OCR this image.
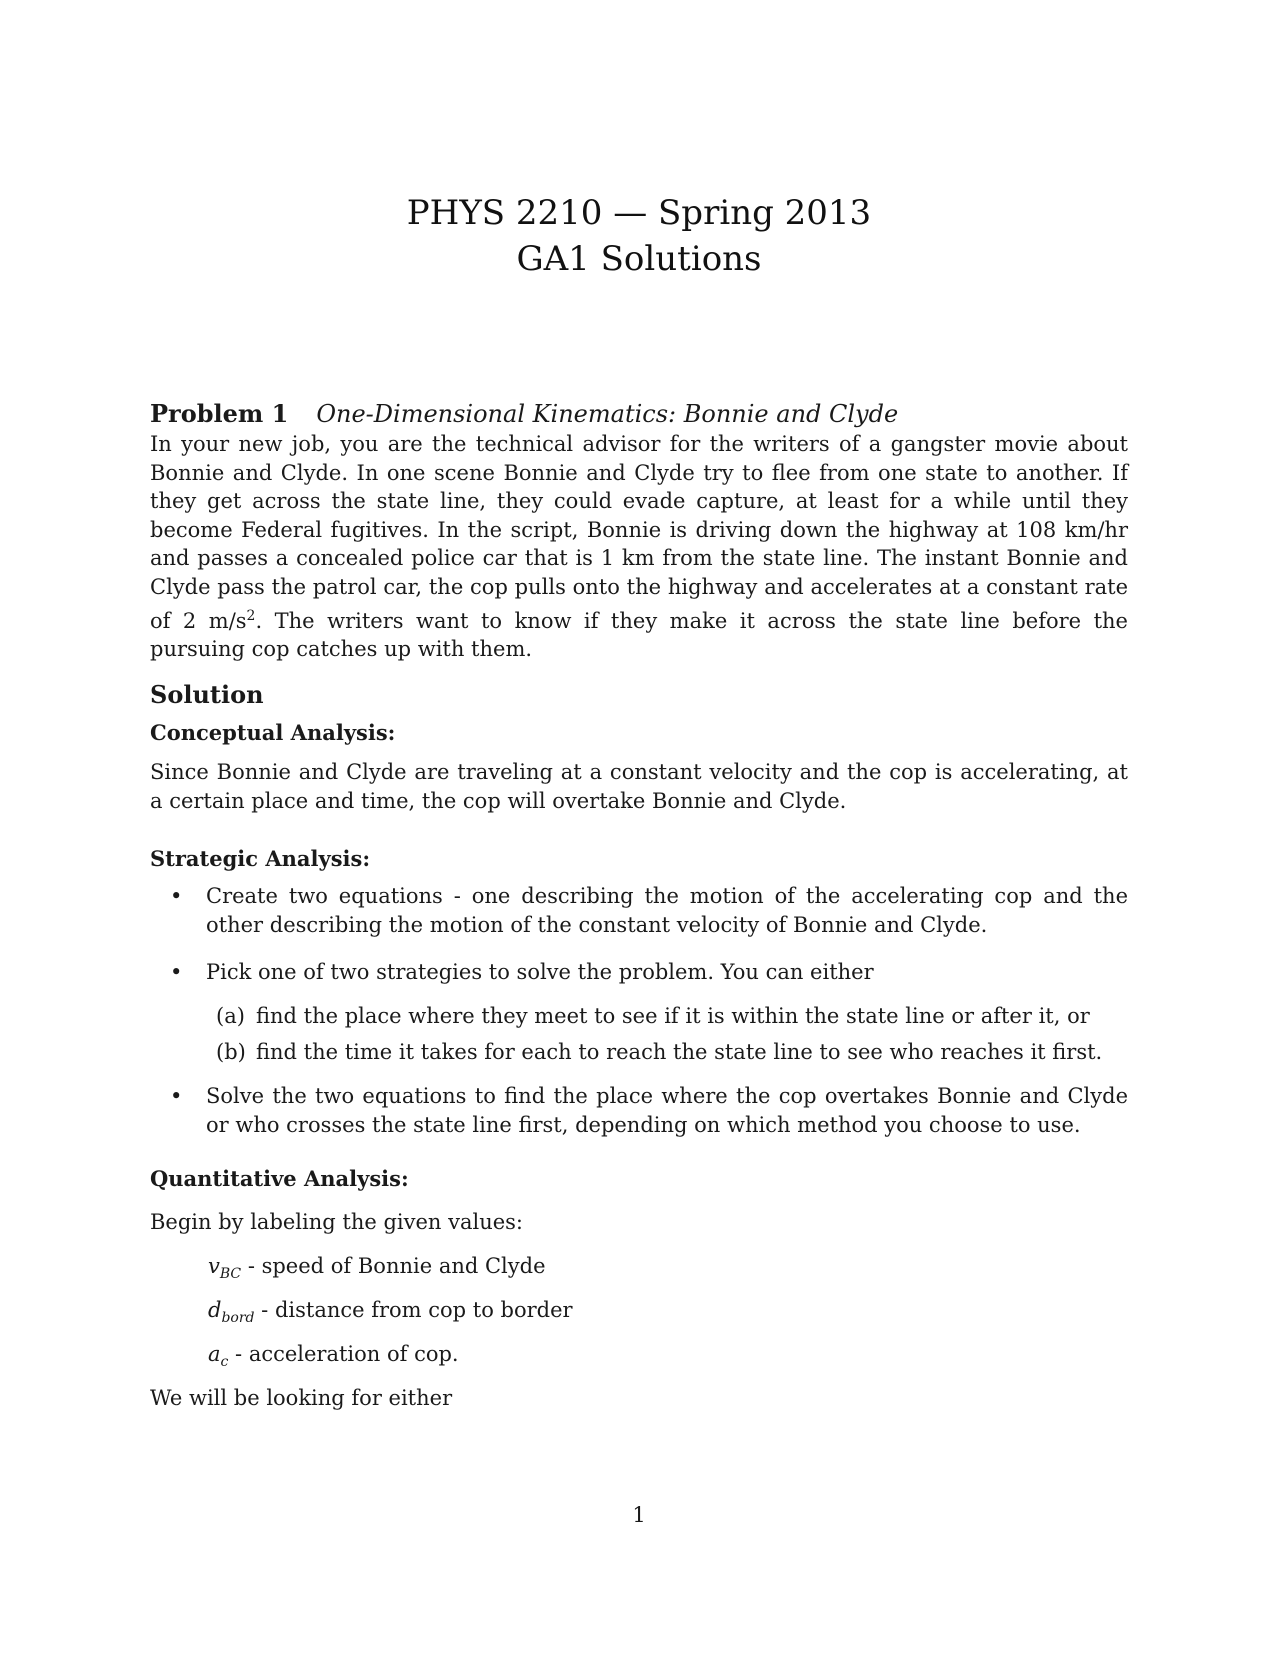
PHYS 2210 — Spring 2013
GA1 Solutions
Problem 1 One-Dimensional Kinematics: Bonnie and Clyde
In your new job, you are the technical advisor for the writers of a gangster movie about Bonnie and Clyde. In one scene Bonnie and Clyde try to flee from one state to another. If they get across the state line, they could evade capture, at least for a while until they become Federal fugitives. In the script, Bonnie is driving down the highway at 108 km/hr and passes a concealed police car that is 1 km from the state line. The instant Bonnie and Clyde pass the patrol car, the cop pulls onto the highway and accelerates at a constant rate of 2 $m/s^2$. The writers want to know if they make it across the state line before the pursuing cop catches up with them.
Solution
Conceptual Analysis:
Since Bonnie and Clyde are traveling at a constant velocity and the cop is accelerating, at a certain place and time, the cop will overtake Bonnie and Clyde.
Strategic Analysis:
•	Create two equations - one describing the motion of the accelerating cop and the other describing the motion of the constant velocity of Bonnie and Clyde.
•	Pick one of two strategies to solve the problem. You can either
(a) find the place where they meet to see if it is within the state line or after it, or
(b) find the time it takes for each to reach the state line to see who reaches it first.
•	Solve the two equations to find the place where the cop overtakes Bonnie and Clyde or who crosses the state line first, depending on which method you choose to use.
Quantitative Analysis:
Begin by labeling the given values:
$v_{BC}$ - speed of Bonnie and Clyde
$d_{bord}$ - distance from cop to border
$a_c$ - acceleration of cop.
We will be looking for either
1
